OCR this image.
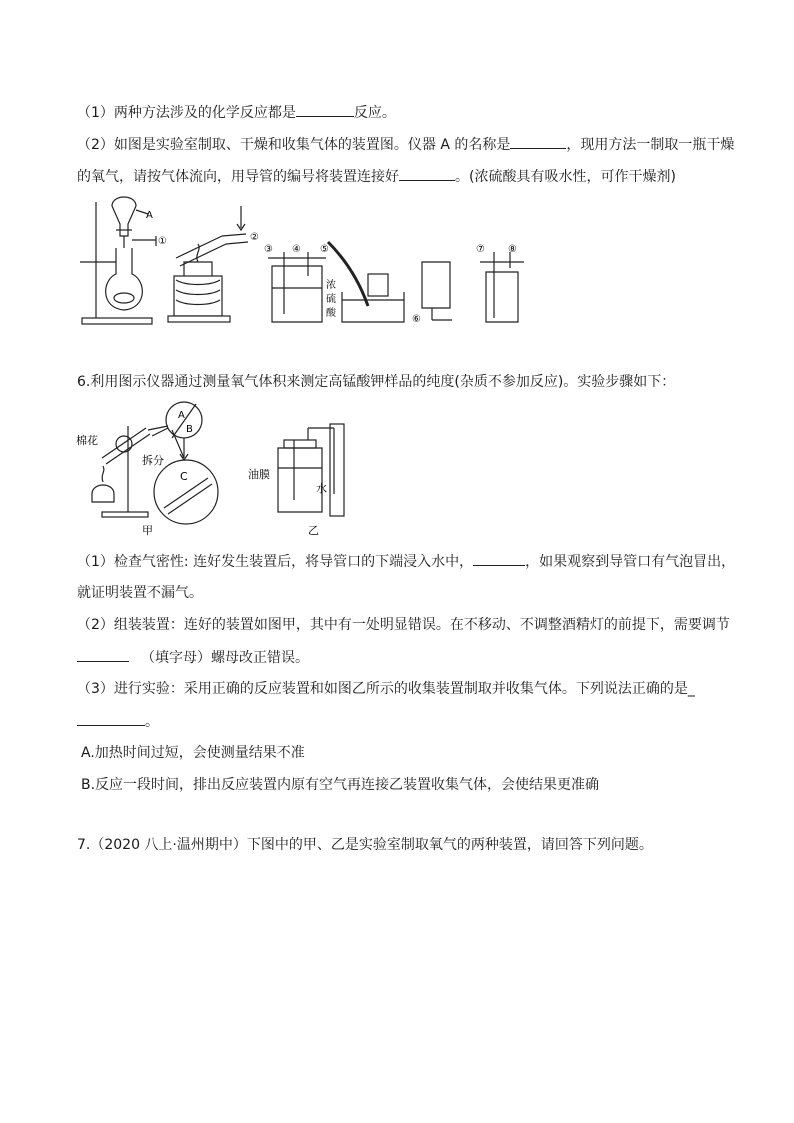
（1）两种方法涉及的化学反应都是	反应。
（2）如图是实验室制取、干燥和收集气体的装置图。仪器 A 的名称是	，现用方法一制取一瓶干燥
的氧气，请按气体流向，用导管的编号将装置连接好	。(浓硫酸具有吸水性，可作干燥剂)
A
①	②
③ ④ ⑤
⑥
⑦ ⑧
浓
硫
酸
6.利用图示仪器通过测量氧气体积来测定高锰酸钾样品的纯度(杂质不参加反应)。实验步骤如下：
棉花
拆分
A
B
C	油膜
水
甲	乙
（1）检查气密性: 连好发生装置后，将导管口的下端浸入水中，	，如果观察到导管口有气泡冒出，
就证明装置不漏气。
（2）组装装置：连好的装置如图甲，其中有一处明显错误。在不移动、不调整酒精灯的前提下，需要调节
（填字母）螺母改正错误。
（3）进行实验：采用正确的反应装置和如图乙所示的收集装置制取并收集气体。下列说法正确的是_
。
A.加热时间过短，会使测量结果不准
B.反应一段时间，排出反应装置内原有空气再连接乙装置收集气体，会使结果更准确
7.（2020 八上·温州期中）下图中的甲、乙是实验室制取氧气的两种装置，请回答下列问题。
